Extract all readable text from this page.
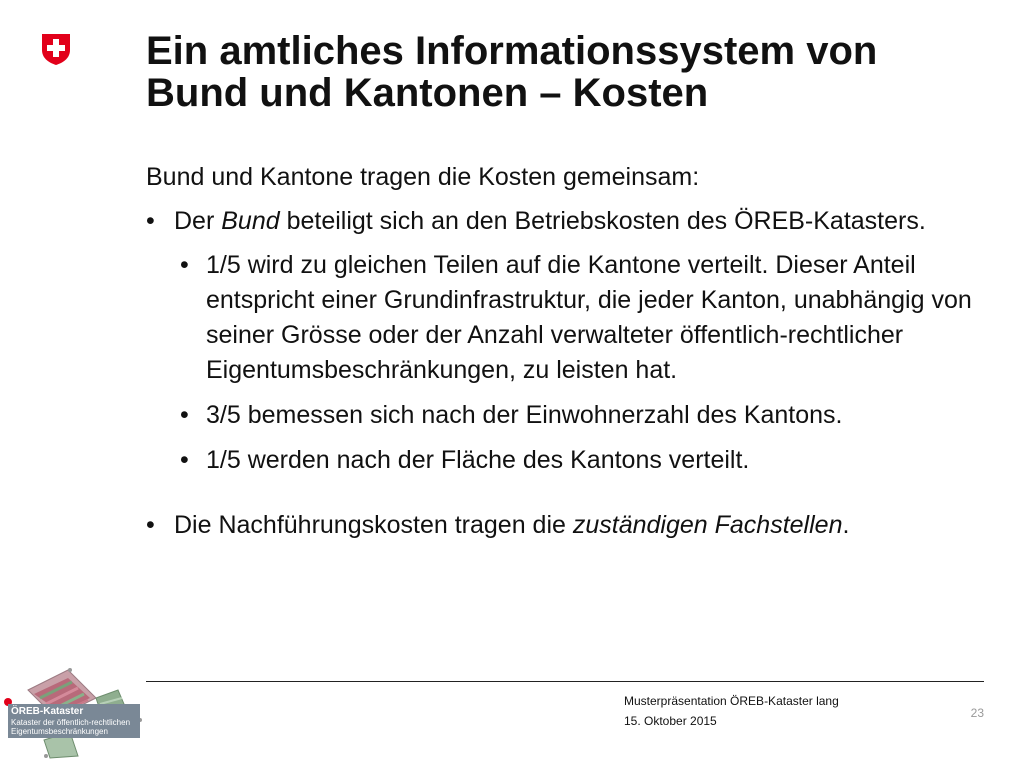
Ein amtliches Informationssystem von
Bund und Kantonen – Kosten

Bund und Kantone tragen die Kosten gemeinsam:

• Der Bund beteiligt sich an den Betriebskosten des ÖREB-Katasters.
• 1/5 wird zu gleichen Teilen auf die Kantone verteilt. Dieser Anteil entspricht einer Grundinfrastruktur, die jeder Kanton, unabhängig von seiner Grösse oder der Anzahl verwalteter öffentlich-rechtlicher Eigentumsbeschränkungen, zu leisten hat.
• 3/5 bemessen sich nach der Einwohnerzahl des Kantons.
• 1/5 werden nach der Fläche des Kantons verteilt.
• Die Nachführungskosten tragen die zuständigen Fachstellen.
Musterpräsentation ÖREB-Kataster lang
15. Oktober 2015
23
ÖREB-Kataster
Kataster der öffentlich-rechtlichen
Eigentumsbeschränkungen
